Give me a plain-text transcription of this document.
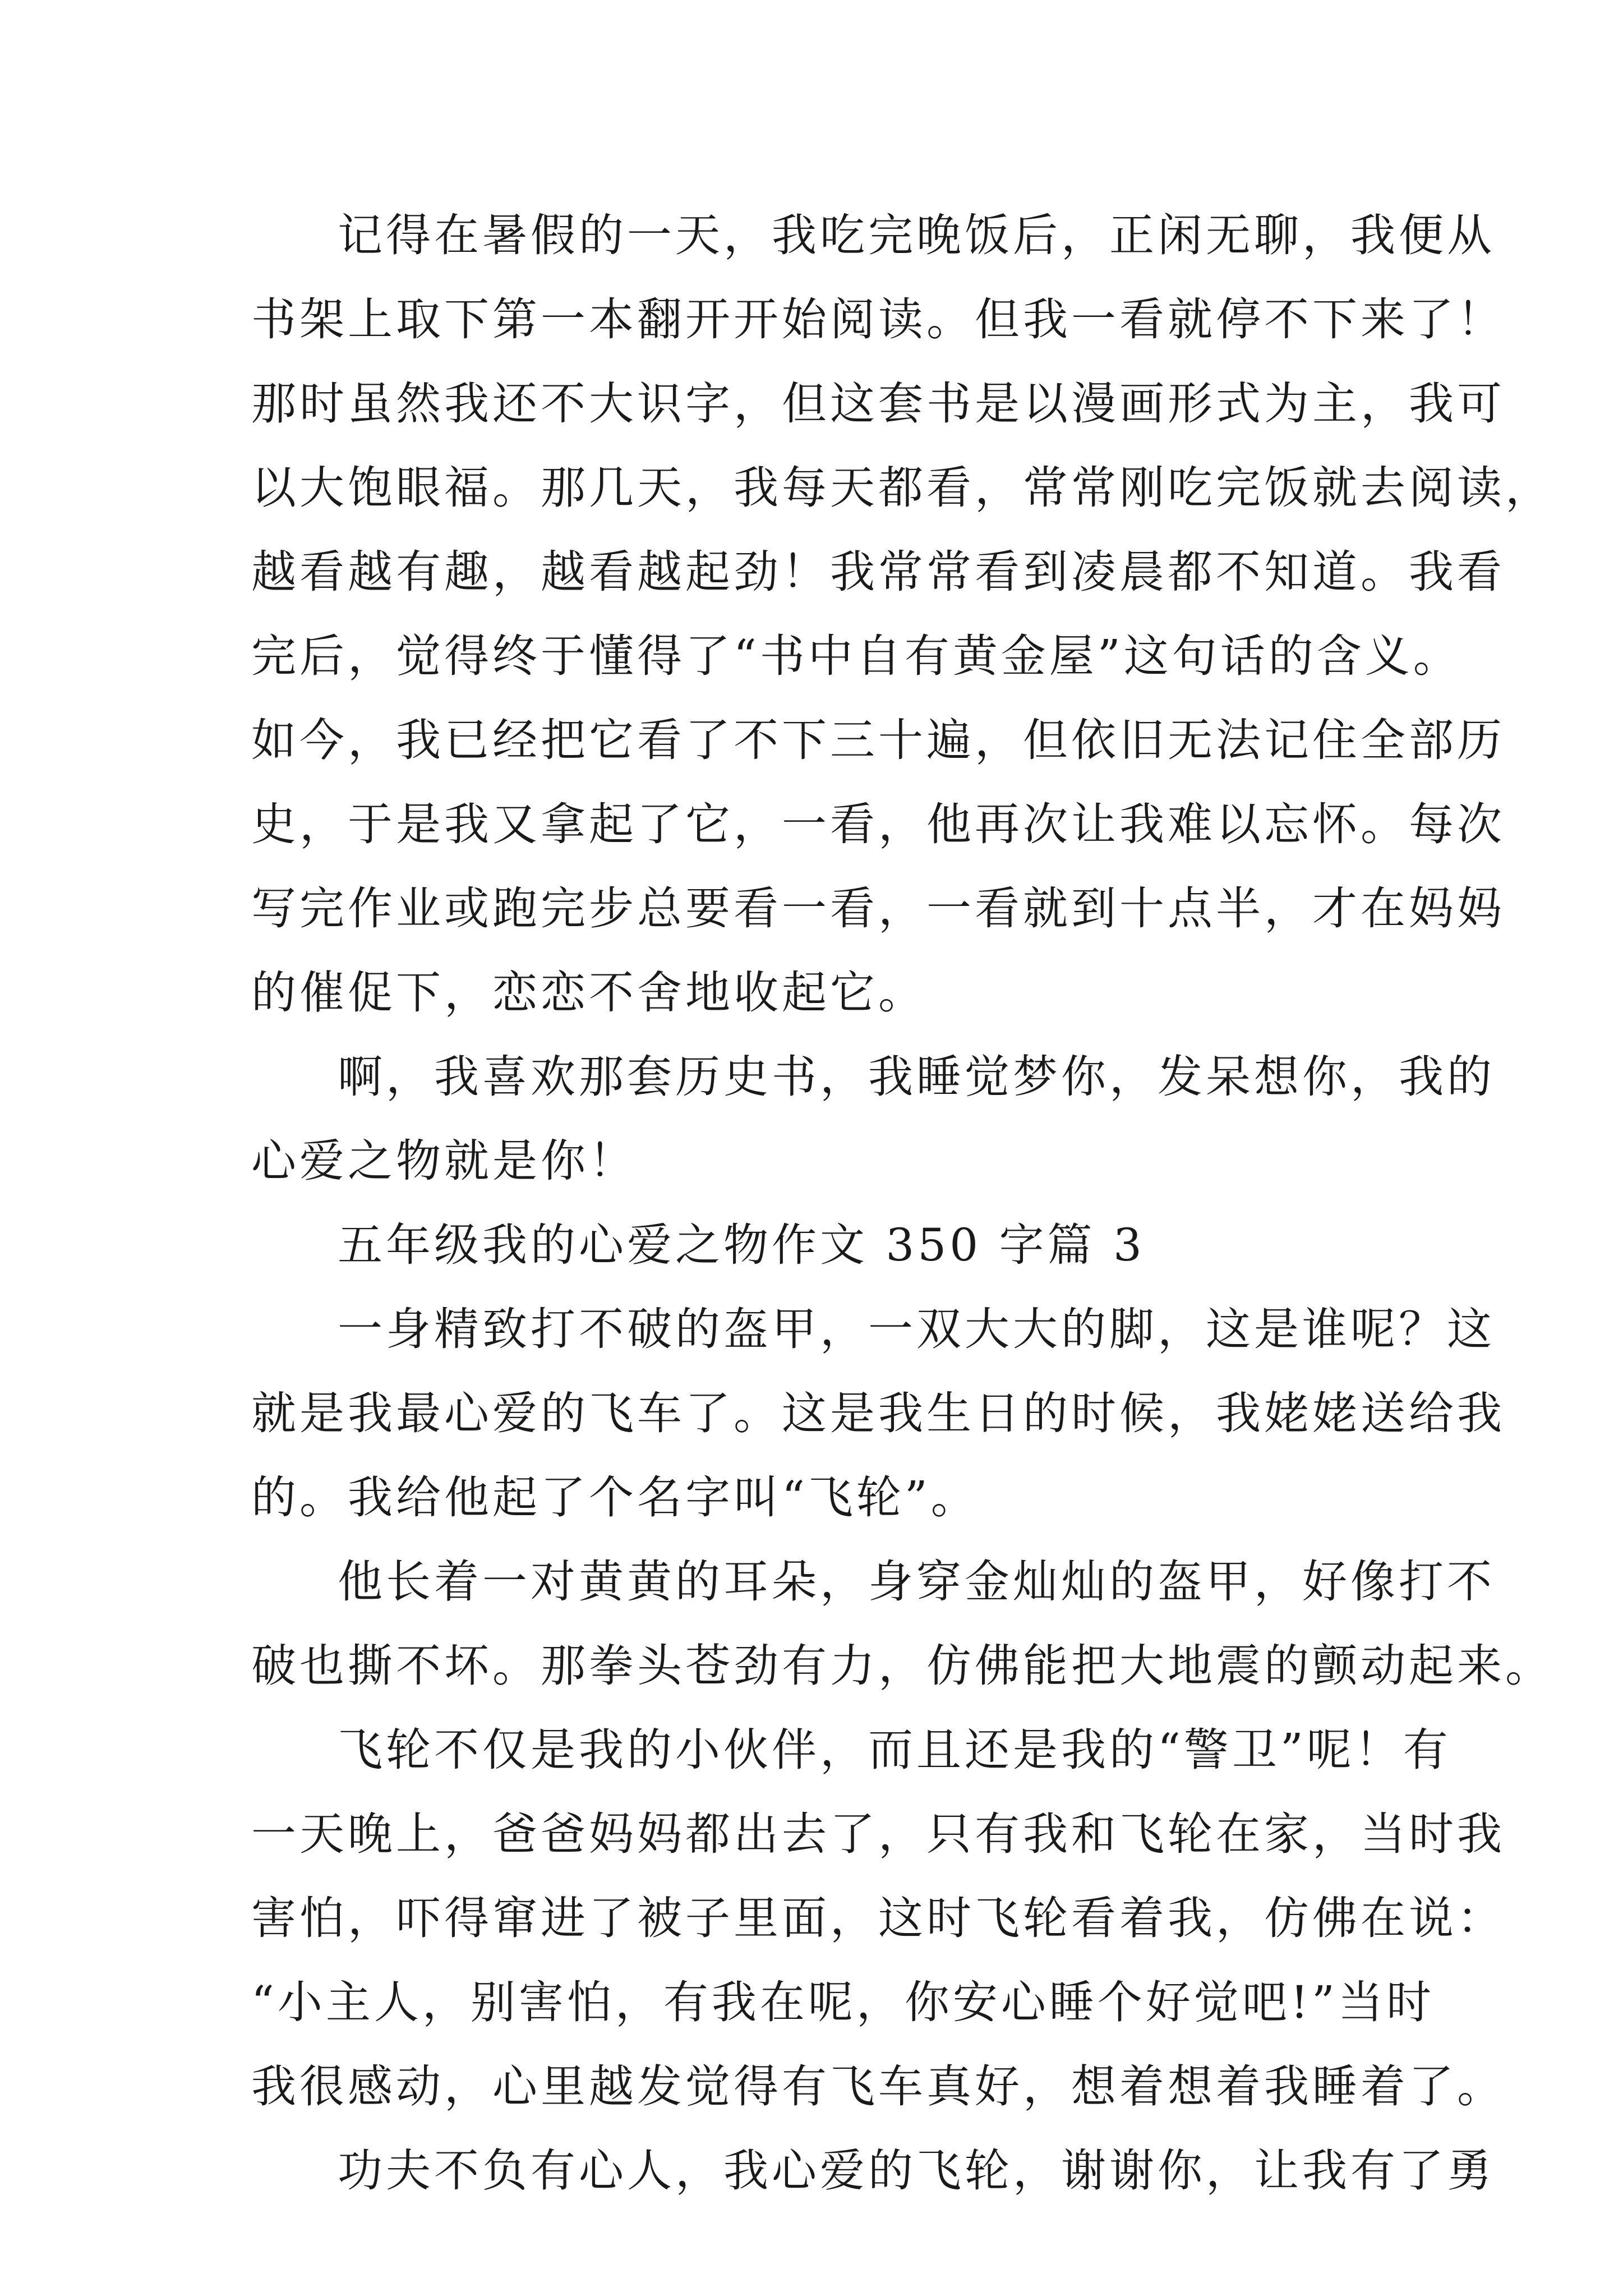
记得在暑假的一天，我吃完晚饭后，正闲无聊，我便从
书架上取下第一本翻开开始阅读。但我一看就停不下来了！
那时虽然我还不大识字，但这套书是以漫画形式为主，我可
以大饱眼福。那几天，我每天都看，常常刚吃完饭就去阅读，
越看越有趣，越看越起劲！我常常看到凌晨都不知道。我看
完后，觉得终于懂得了“书中自有黄金屋”这句话的含义。
如今，我已经把它看了不下三十遍，但依旧无法记住全部历
史，于是我又拿起了它，一看，他再次让我难以忘怀。每次
写完作业或跑完步总要看一看，一看就到十点半，才在妈妈
的催促下，恋恋不舍地收起它。
啊，我喜欢那套历史书，我睡觉梦你，发呆想你，我的
心爱之物就是你！
五年级我的心爱之物作文 350 字篇 3
一身精致打不破的盔甲，一双大大的脚，这是谁呢？这
就是我最心爱的飞车了。这是我生日的时候，我姥姥送给我
的。我给他起了个名字叫“飞轮”。
他长着一对黄黄的耳朵，身穿金灿灿的盔甲，好像打不
破也撕不坏。那拳头苍劲有力，仿佛能把大地震的颤动起来。
飞轮不仅是我的小伙伴，而且还是我的“警卫”呢！有
一天晚上，爸爸妈妈都出去了，只有我和飞轮在家，当时我
害怕，吓得窜进了被子里面，这时飞轮看着我，仿佛在说：
“小主人，别害怕，有我在呢，你安心睡个好觉吧!”当时
我很感动，心里越发觉得有飞车真好，想着想着我睡着了。
功夫不负有心人，我心爱的飞轮，谢谢你，让我有了勇
